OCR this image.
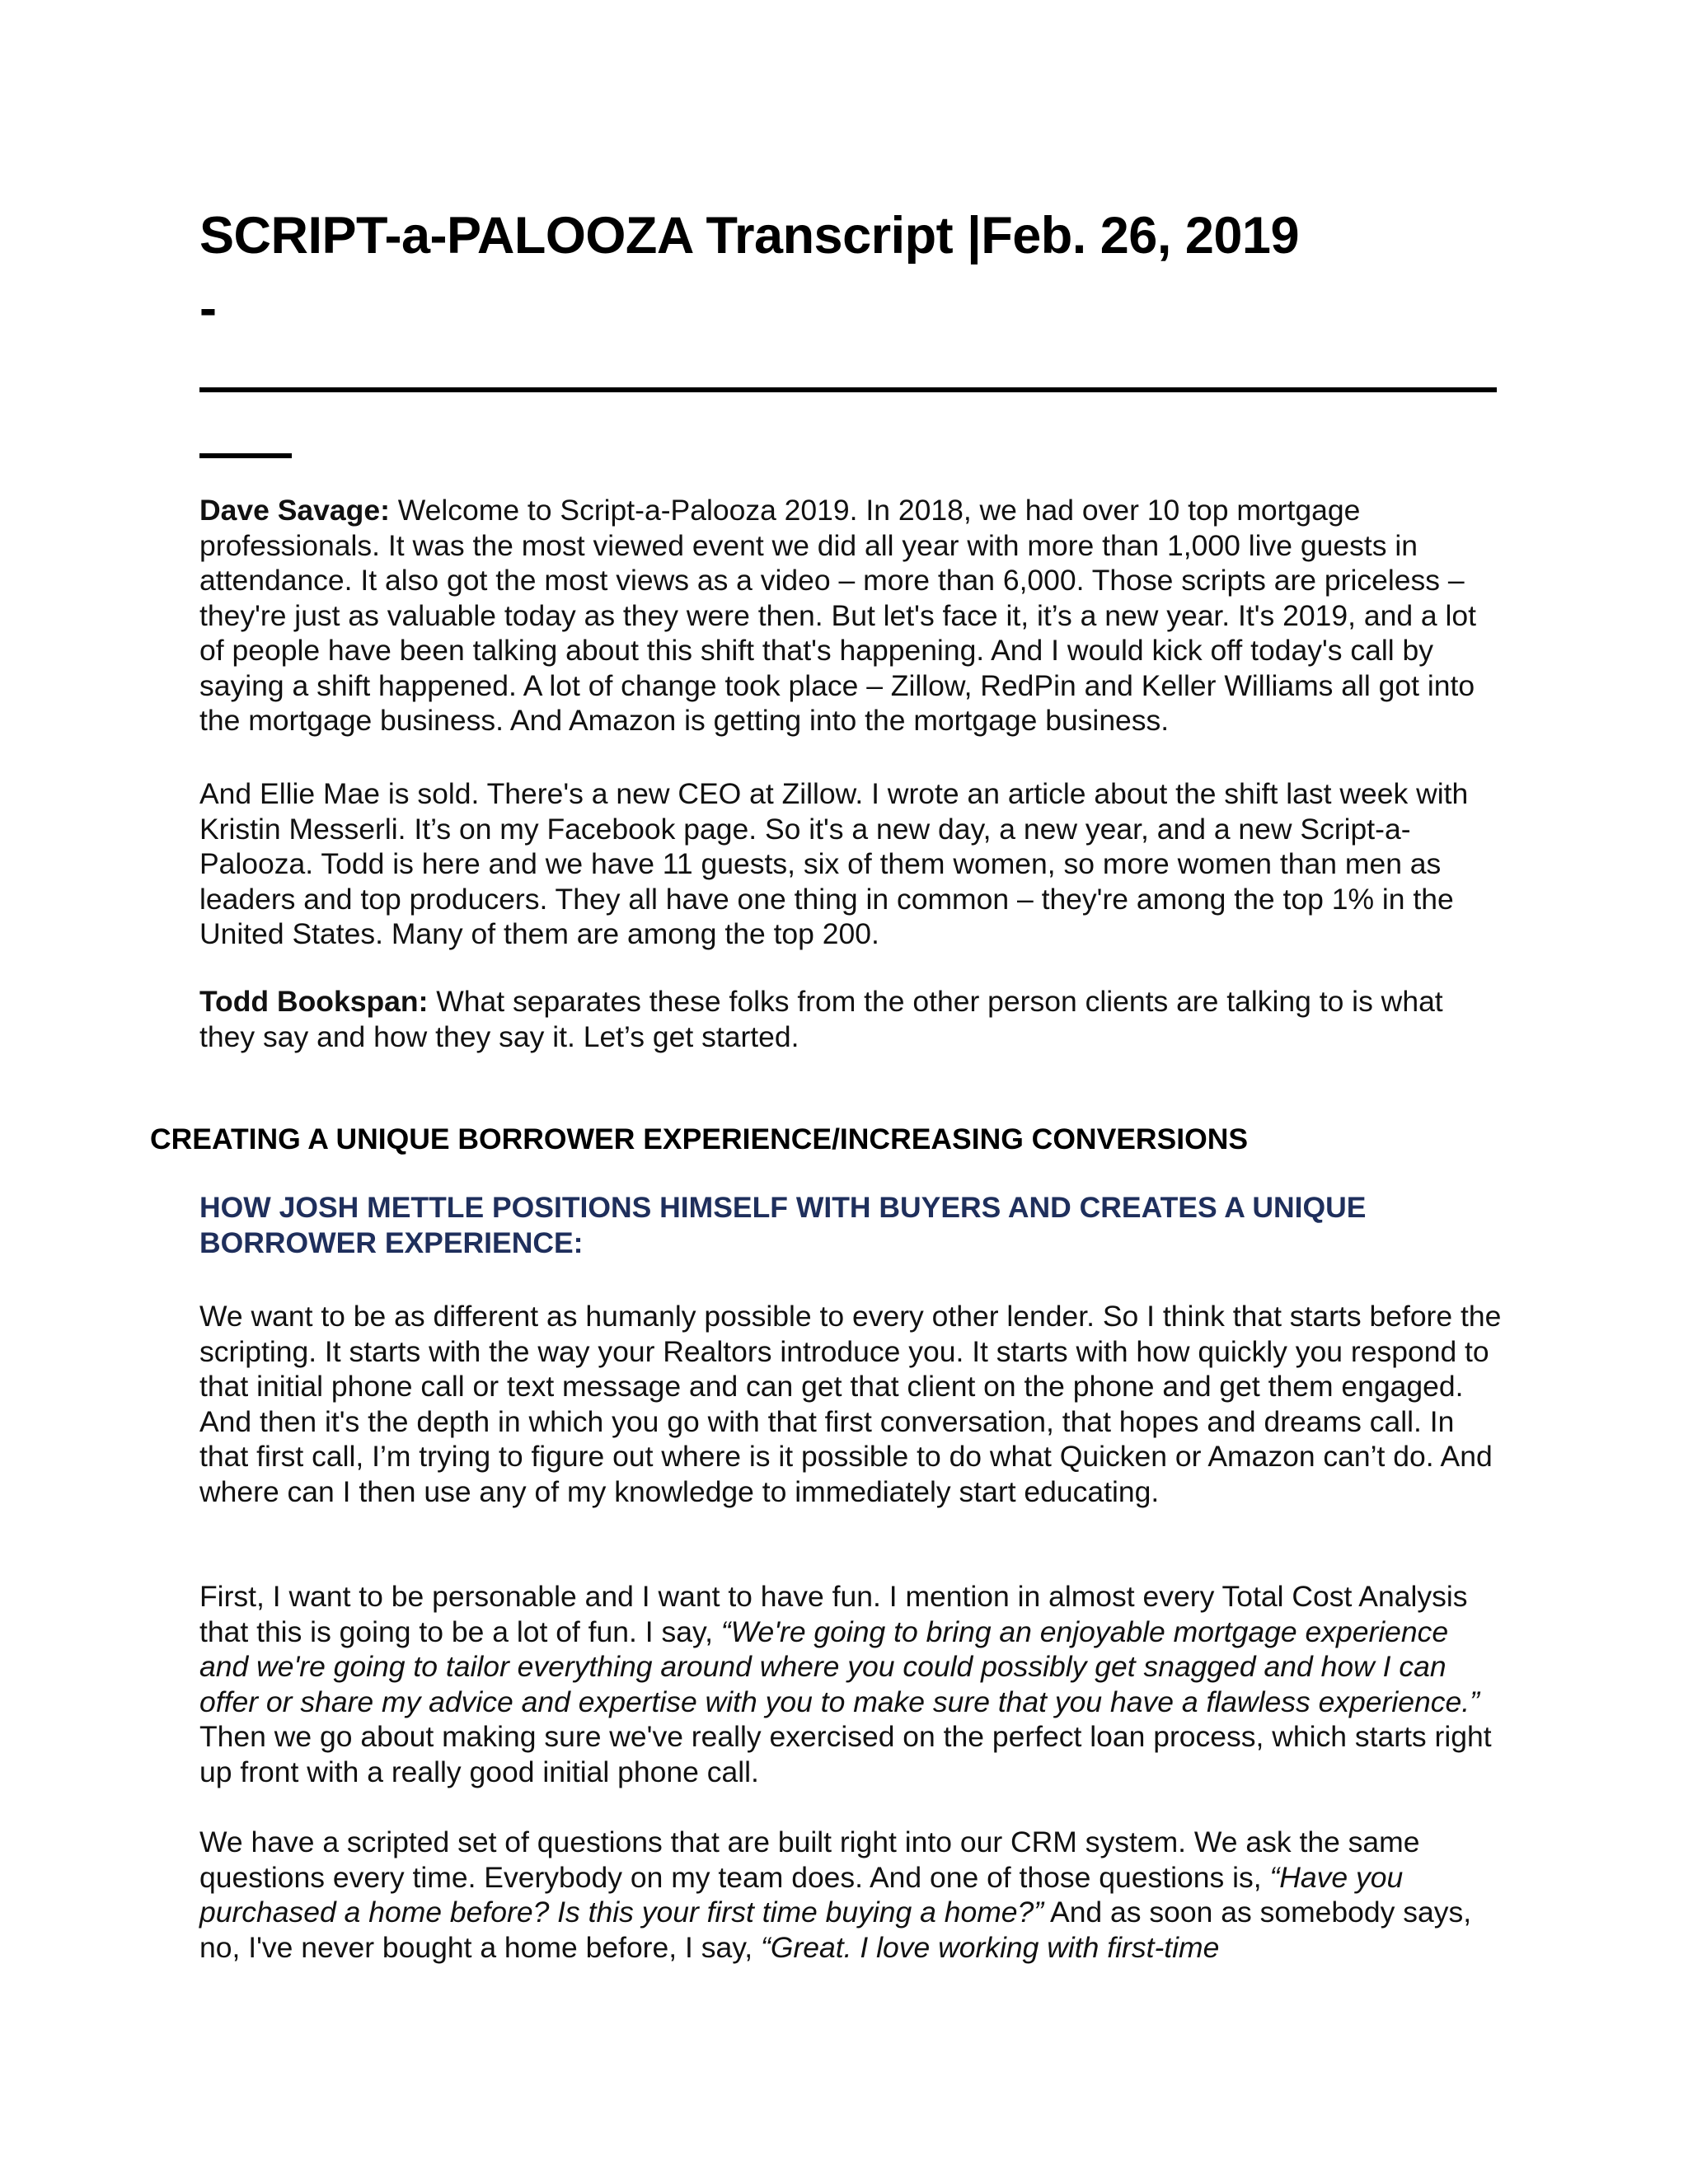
SCRIPT-a-PALOOZA Transcript |Feb. 26, 2019
-

Dave Savage: Welcome to Script-a-Palooza 2019. In 2018, we had over 10 top mortgage professionals. It was the most viewed event we did all year with more than 1,000 live guests in attendance. It also got the most views as a video – more than 6,000. Those scripts are priceless – they're just as valuable today as they were then. But let's face it, it’s a new year. It's 2019, and a lot of people have been talking about this shift that's happening. And I would kick off today's call by saying a shift happened. A lot of change took place – Zillow, RedPin and Keller Williams all got into the mortgage business. And Amazon is getting into the mortgage business.

And Ellie Mae is sold. There's a new CEO at Zillow. I wrote an article about the shift last week with Kristin Messerli. It’s on my Facebook page. So it's a new day, a new year, and a new Script-a-Palooza. Todd is here and we have 11 guests, six of them women, so more women than men as leaders and top producers. They all have one thing in common – they're among the top 1% in the United States. Many of them are among the top 200.

Todd Bookspan: What separates these folks from the other person clients are talking to is what they say and how they say it. Let’s get started.

CREATING A UNIQUE BORROWER EXPERIENCE/INCREASING CONVERSIONS
HOW JOSH METTLE POSITIONS HIMSELF WITH BUYERS AND CREATES A UNIQUE BORROWER EXPERIENCE:

We want to be as different as humanly possible to every other lender. So I think that starts before the scripting. It starts with the way your Realtors introduce you. It starts with how quickly you respond to that initial phone call or text message and can get that client on the phone and get them engaged. And then it's the depth in which you go with that first conversation, that hopes and dreams call. In that first call, I’m trying to figure out where is it possible to do what Quicken or Amazon can’t do. And where can I then use any of my knowledge to immediately start educating.

First, I want to be personable and I want to have fun. I mention in almost every Total Cost Analysis that this is going to be a lot of fun. I say, “We're going to bring an enjoyable mortgage experience and we're going to tailor everything around where you could possibly get snagged and how I can offer or share my advice and expertise with you to make sure that you have a flawless experience.” Then we go about making sure we've really exercised on the perfect loan process, which starts right up front with a really good initial phone call.

We have a scripted set of questions that are built right into our CRM system. We ask the same questions every time. Everybody on my team does. And one of those questions is, “Have you purchased a home before? Is this your first time buying a home?” And as soon as somebody says, no, I've never bought a home before, I say, “Great. I love working with first-time
